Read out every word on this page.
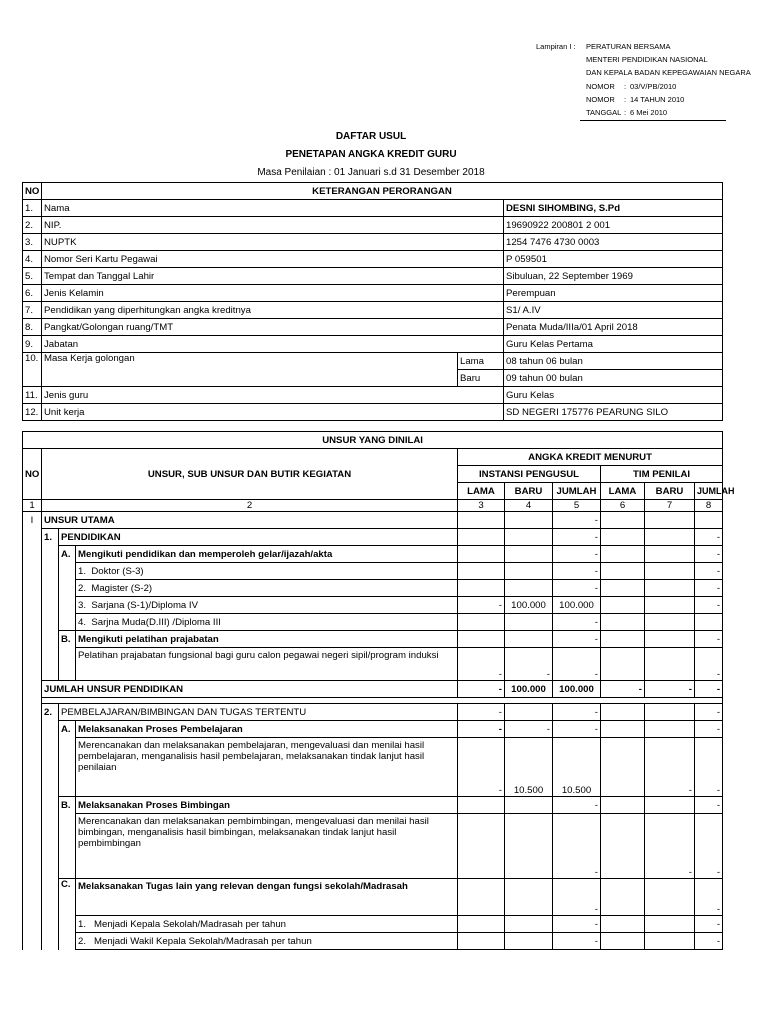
Lampiran I :	PERATURAN BERSAMA
MENTERI PENDIDIKAN NASIONAL
DAN KEPALA BADAN KEPEGAWAIAN NEGARA
NOMOR	: 03/V/PB/2010
NOMOR	: 14 TAHUN 2010
TANGGAL : 6 Mei 2010
DAFTAR USUL
PENETAPAN ANGKA KREDIT GURU
Masa Penilaian : 01 Januari s.d 31 Desember 2018
NO	KETERANGAN PERORANGAN		
1.	Nama		DESNI SIHOMBING, S.Pd
2.	NIP.		19690922 200801 2 001
3.	NUPTK		1254 7476 4730 0003
4.	Nomor Seri Kartu Pegawai		P 059501
5.	Tempat dan Tanggal Lahir		Sibuluan, 22 September 1969
6.	Jenis Kelamin		Perempuan
7.	Pendidikan yang diperhitungkan angka kreditnya		S1/ A.IV
8.	Pangkat/Golongan ruang/TMT		Penata Muda/IIIa/01 April 2018
9.	Jabatan		Guru Kelas Pertama
10.	Masa Kerja golongan	Lama	08 tahun 06 bulan
		Baru	09 tahun 00 bulan
11.	Jenis guru		Guru Kelas
12.	Unit kerja		SD NEGERI 175776 PEARUNG SILO
UNSUR YANG DINILAI									
NO	UNSUR, SUB UNSUR DAN BUTIR KEGIATAN			ANGKA KREDIT MENURUT					
				INSTANSI PENGUSUL			TIM PENILAI		
				LAMA	BARU	JUMLAH	LAMA	BARU	JUMLAH
1	2			3	4	5	6	7	8
I	UNSUR UTAMA					-			
	1.	PENDIDIKAN				-			-
		A.	Mengikuti pendidikan dan memperoleh gelar/ijazah/akta			-			-
			1. Doktor (S-3)			-			-
			2. Magister (S-2)			-			-
			3. Sarjana (S-1)/Diploma IV	-	100.000	100.000			-
			4. Sarjna Muda(D.III) /Diploma III			-			
		B.	Mengikuti pelatihan prajabatan			-			-
			Pelatihan prajabatan fungsional bagi guru calon pegawai negeri sipil/program induksi	-	-	-			-
	JUMLAH UNSUR PENDIDIKAN			-	100.000	100.000	-	-	-

	2.	PEMBELAJARAN/BIMBINGAN DAN TUGAS TERTENTU		-		-			-
		A.	Melaksanakan Proses Pembelajaran	-	-	-			-
			Merencanakan dan melaksanakan pembelajaran, mengevaluasi dan menilai hasil pembelajaran, menganalisis hasil pembelajaran, melaksanakan tindak lanjut hasil penilaian	-	10.500	10.500		-	-
		B.	Melaksanakan Proses Bimbingan			-			-
			Merencanakan dan melaksanakan pembimbingan, mengevaluasi dan menilai hasil bimbingan, menganalisis hasil bimbingan, melaksanakan tindak lanjut hasil pembimbingan			-		-	-
		C.	Melaksanakan Tugas lain yang relevan dengan fungsi sekolah/Madrasah			-			-
			1. Menjadi Kepala Sekolah/Madrasah per tahun			-			-
			2. Menjadi Wakil Kepala Sekolah/Madrasah per tahun			-			-
